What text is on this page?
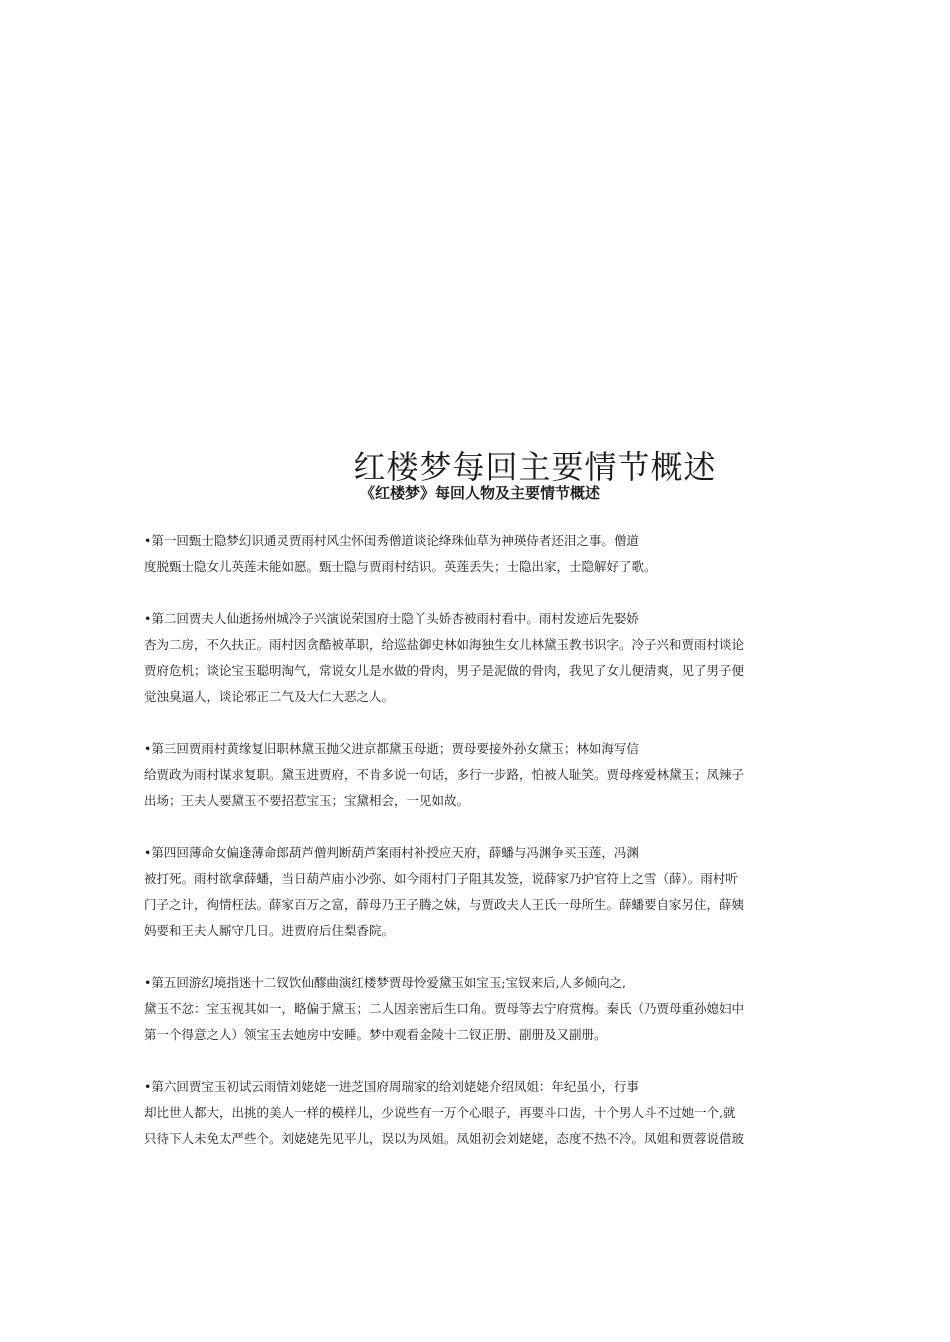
红楼梦每回主要情节概述
《红楼梦》每回人物及主要情节概述
•第一回甄士隐梦幻识通灵贾雨村风尘怀闺秀僧道谈论绛珠仙草为神瑛侍者还泪之事。僧道
度脱甄士隐女儿英莲未能如愿。甄士隐与贾雨村结识。英莲丢失；士隐出家，士隐解好了歌。
•第二回贾夫人仙逝扬州城冷子兴演说荣国府士隐丫头娇杏被雨村看中。雨村发迹后先娶娇
杏为二房，不久扶正。雨村因贪酷被革职，给巡盐御史林如海独生女儿林黛玉教书识字。冷子兴和贾雨村谈论
贾府危机；谈论宝玉聪明淘气，常说女儿是水做的骨肉，男子是泥做的骨肉，我见了女儿便清爽，见了男子便
觉浊臭逼人，谈论邪正二气及大仁大恶之人。
•第三回贾雨村黄缘复旧职林黛玉抛父进京都黛玉母逝；贾母要接外孙女黛玉；林如海写信
给贾政为雨村谋求复职。黛玉进贾府，不肯多说一句话，多行一步路，怕被人耻笑。贾母疼爱林黛玉；凤辣子
出场；王夫人要黛玉不要招惹宝玉；宝黛相会，一见如故。
•第四回薄命女偏逢薄命郎葫芦僧判断葫芦案雨村补授应天府，薛蟠与冯渊争买玉莲，冯渊
被打死。雨村欲拿薛蟠，当日葫芦庙小沙弥、如今雨村门子阻其发签，说薛家乃护官符上之雪（薛）。雨村听
门子之计，徇情枉法。薛家百万之富，薛母乃王子腾之妹，与贾政夫人王氏一母所生。薛蟠要自家另住，薛姨
妈要和王夫人厮守几日。进贾府后住梨香院。
•第五回游幻境指迷十二钗饮仙醪曲演红楼梦贾母怜爱黛玉如宝玉;宝钗来后,人多倾向之,
黛玉不忿：宝玉视其如一，略偏于黛玉；二人因亲密后生口角。贾母等去宁府赏梅。秦氏（乃贾母重孙媳妇中
第一个得意之人）领宝玉去她房中安睡。梦中观看金陵十二钗正册、副册及又副册。
•第六回贾宝玉初试云雨情刘姥姥一进芝国府周瑞家的给刘姥姥介绍凤姐：年纪虽小，行事
却比世人都大，出挑的美人一样的模样儿，少说些有一万个心眼子，再要斗口齿，十个男人斗不过她一个,就
只待下人未免太严些个。刘姥姥先见平儿，误以为凤姐。凤姐初会刘姥姥，态度不热不冷。凤姐和贾蓉说借玻
